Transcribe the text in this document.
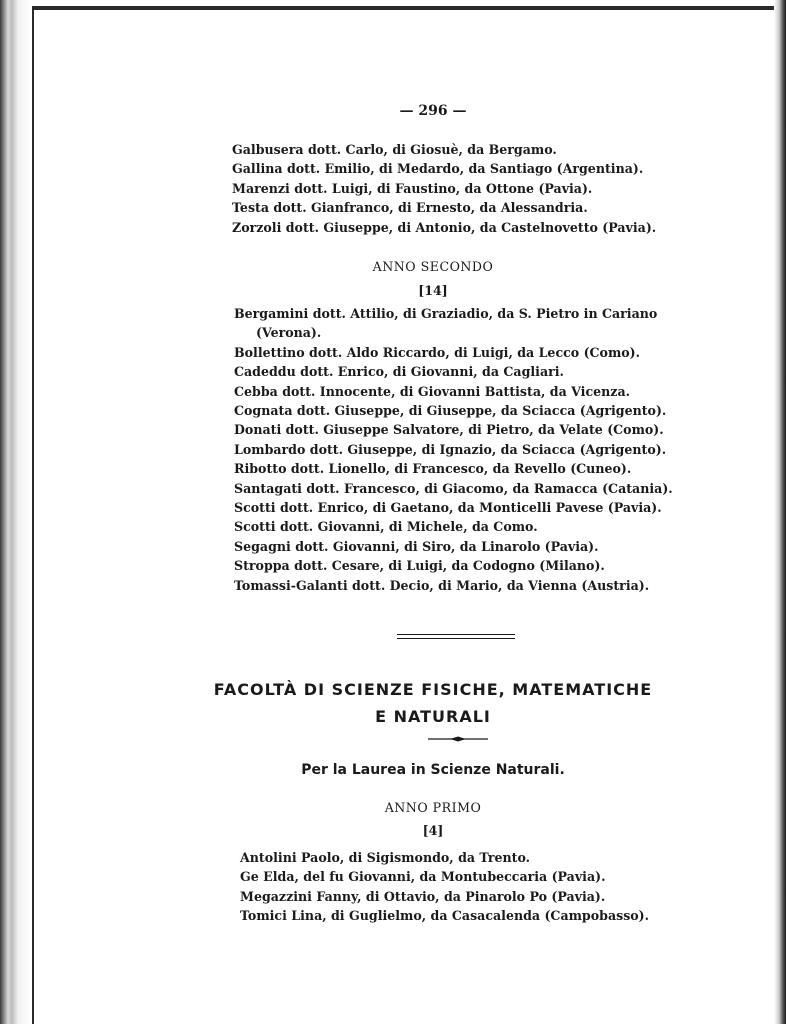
— 296 —
Galbusera dott. Carlo, di Giosuè, da Bergamo.
Gallina dott. Emilio, di Medardo, da Santiago (Argentina).
Marenzi dott. Luigi, di Faustino, da Ottone (Pavia).
Testa dott. Gianfranco, di Ernesto, da Alessandria.
Zorzoli dott. Giuseppe, di Antonio, da Castelnovetto (Pavia).
ANNO SECONDO
[14]
Bergamini dott. Attilio, di Graziadio, da S. Pietro in Cariano
(Verona).
Bollettino dott. Aldo Riccardo, di Luigi, da Lecco (Como).
Cadeddu dott. Enrico, di Giovanni, da Cagliari.
Cebba dott. Innocente, di Giovanni Battista, da Vicenza.
Cognata dott. Giuseppe, di Giuseppe, da Sciacca (Agrigento).
Donati dott. Giuseppe Salvatore, di Pietro, da Velate (Como).
Lombardo dott. Giuseppe, di Ignazio, da Sciacca (Agrigento).
Ribotto dott. Lionello, di Francesco, da Revello (Cuneo).
Santagati dott. Francesco, di Giacomo, da Ramacca (Catania).
Scotti dott. Enrico, di Gaetano, da Monticelli Pavese (Pavia).
Scotti dott. Giovanni, di Michele, da Como.
Segagni dott. Giovanni, di Siro, da Linarolo (Pavia).
Stroppa dott. Cesare, di Luigi, da Codogno (Milano).
Tomassi-Galanti dott. Decio, di Mario, da Vienna (Austria).
FACOLTÀ DI SCIENZE FISICHE, MATEMATICHE
E NATURALI
Per la Laurea in Scienze Naturali.
ANNO PRIMO
[4]
Antolini Paolo, di Sigismondo, da Trento.
Ge Elda, del fu Giovanni, da Montubeccaria (Pavia).
Megazzini Fanny, di Ottavio, da Pinarolo Po (Pavia).
Tomici Lina, di Guglielmo, da Casacalenda (Campobasso).
